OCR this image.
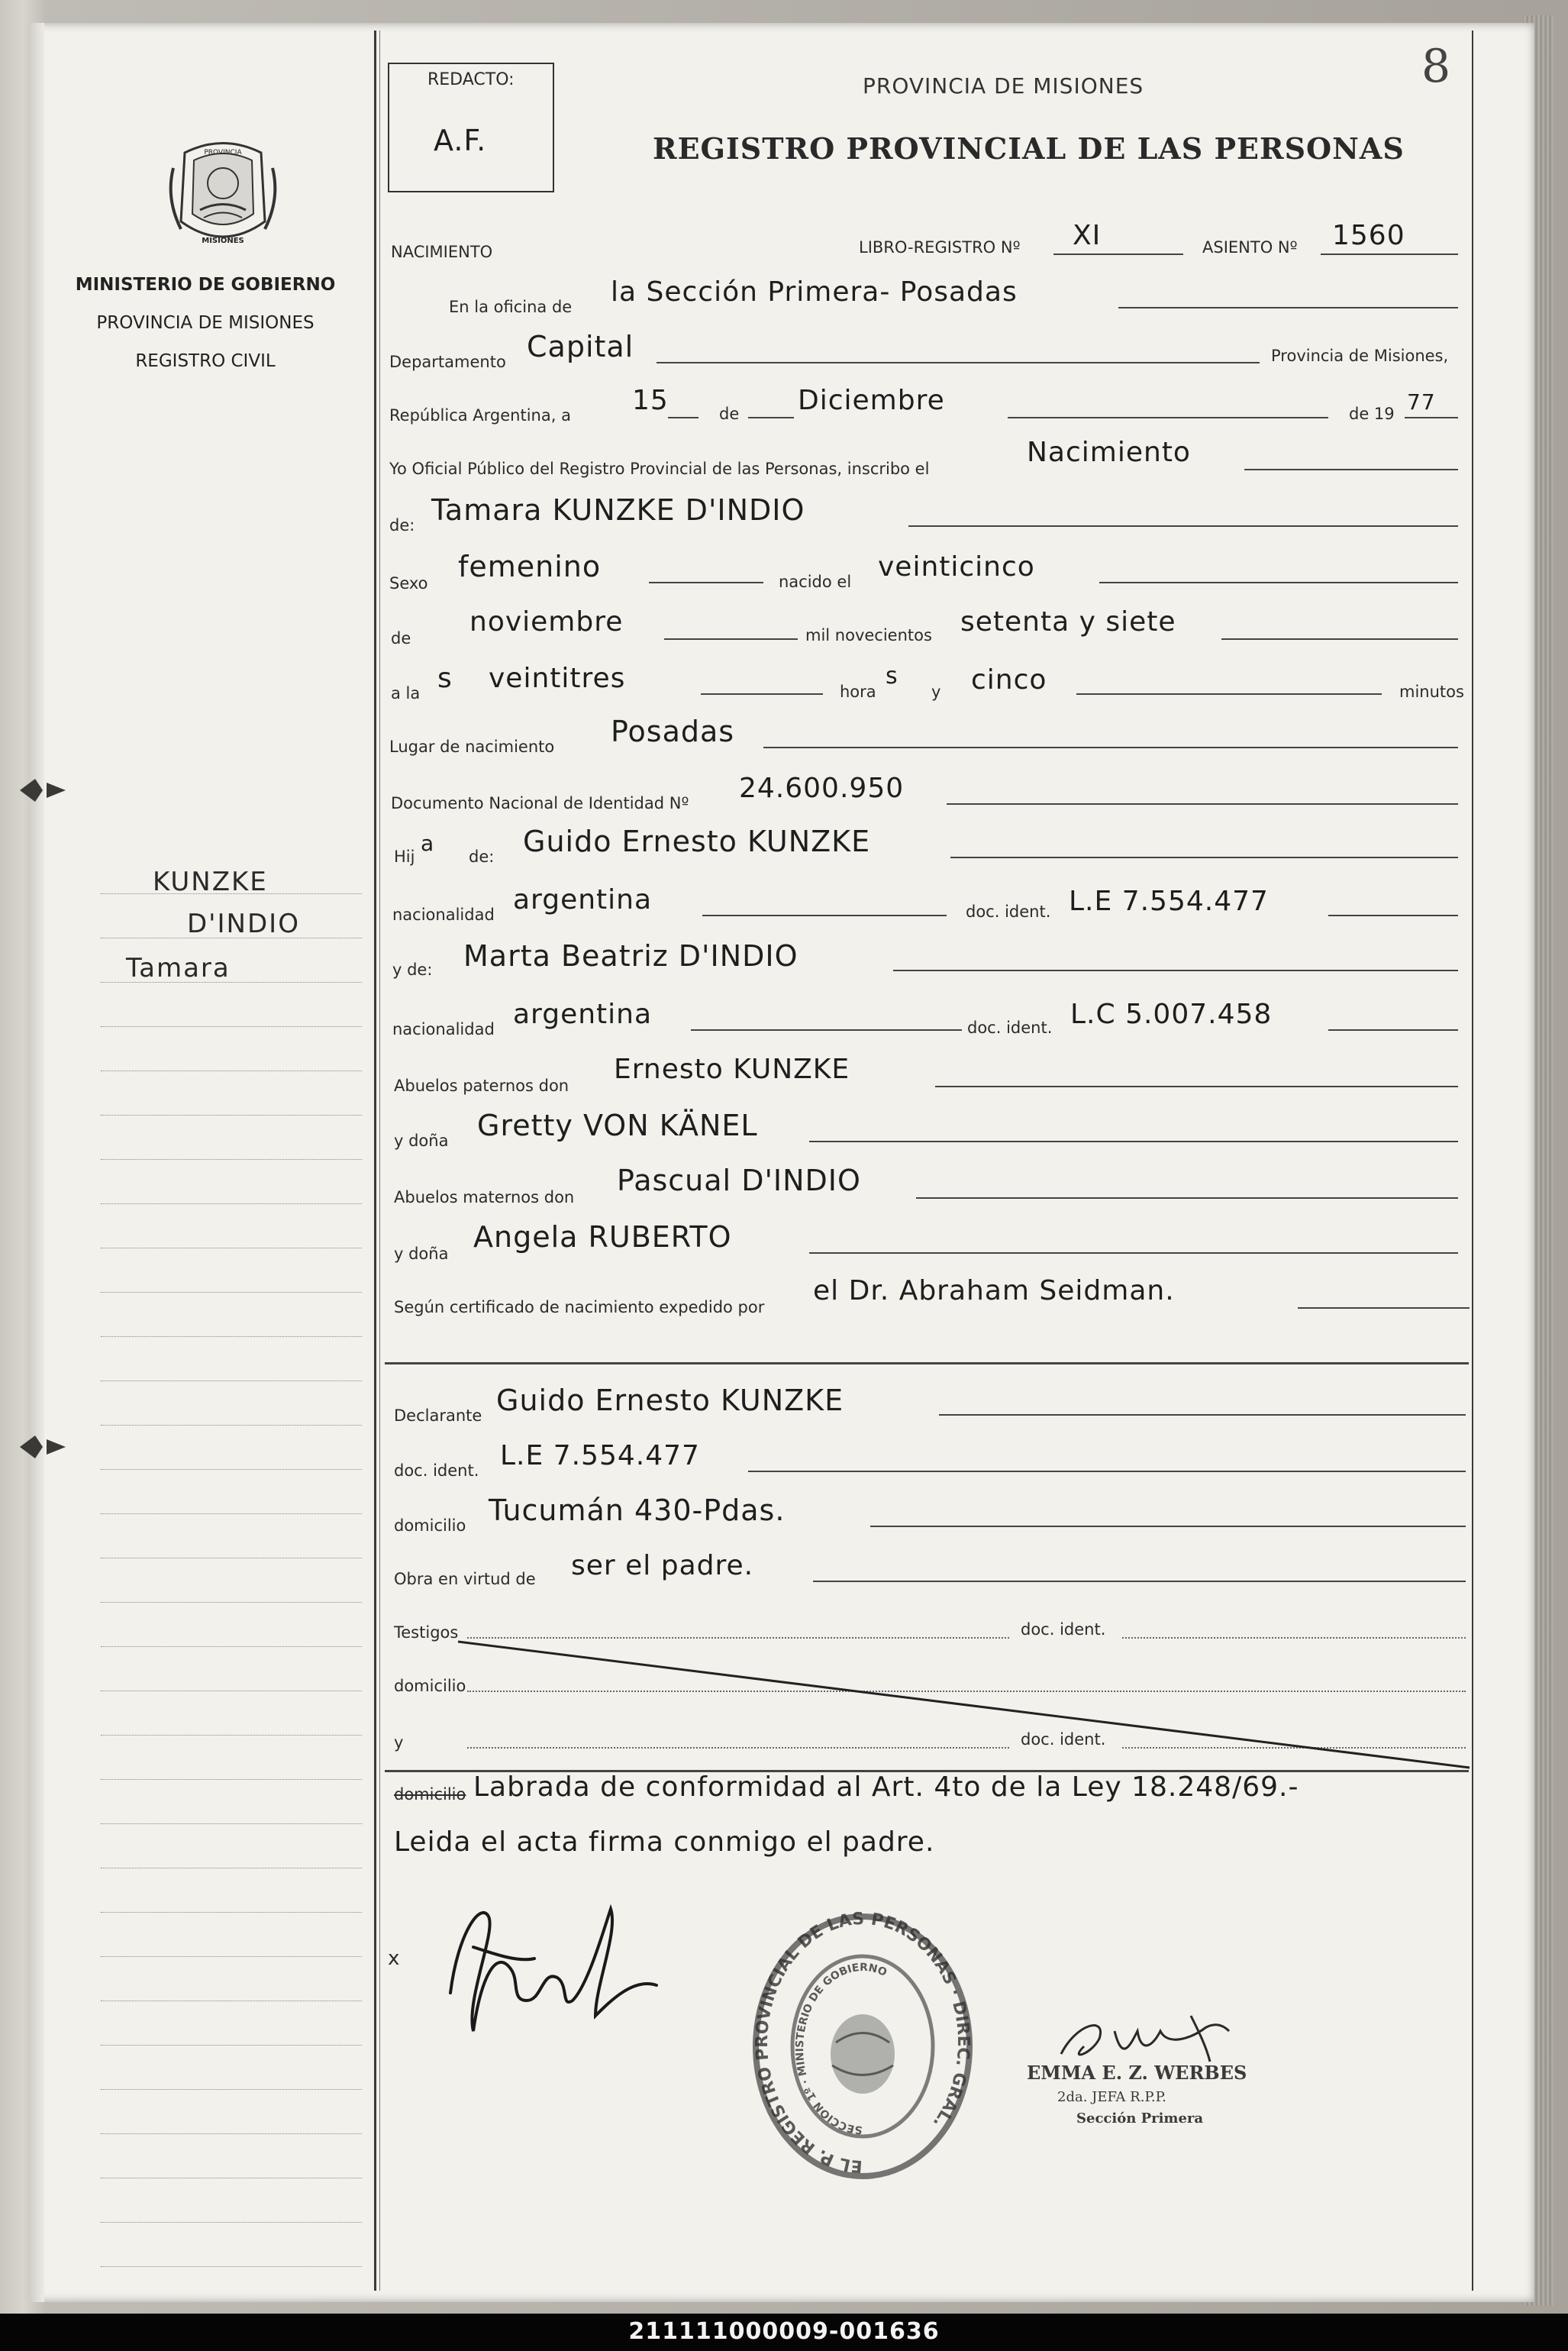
PROVINCIA
MISIONES
MINISTERIO DE GOBIERNO
PROVINCIA DE MISIONES
REGISTRO CIVIL
KUNZKE
D'INDIO
Tamara
REDACTO:
A.F.
PROVINCIA DE MISIONES
REGISTRO PROVINCIAL DE LAS PERSONAS
8
NACIMIENTO	LIBRO-REGISTRO Nº XI	ASIENTO Nº 1560
En la oficina de la Sección Primera- Posadas
Departamento Capital	Provincia de Misiones,
República Argentina, a 15	de Diciembre	de 19 77
Yo Oficial Público del Registro Provincial de las Personas, inscribo el
Nacimiento
de: Tamara KUNZKE D'INDIO
Sexo femenino	nacido el veinticinco
de
noviembre	mil novecientos setenta y siete
a la s veintitres	hora
s
y cinco	minutos
Lugar de nacimiento Posadas
Documento Nacional de Identidad Nº 24.600.950
Hij
a
de: Guido Ernesto KUNZKE
nacionalidad argentina	doc. ident. L.E 7.554.477
y de: Marta Beatriz D'INDIO
nacionalidad argentina	doc. ident. L.C 5.007.458
Abuelos paternos don
Ernesto KUNZKE
y doña Gretty VON KÄNEL
Abuelos maternos don Pascual D'INDIO
y doña Angela RUBERTO
Según certificado de nacimiento expedido por
el Dr. Abraham Seidman.
Declarante Guido Ernesto KUNZKE
doc. ident. L.E 7.554.477
domicilio Tucumán 430-Pdas.
Obra en virtud de ser el padre.
Testigos	doc. ident.
domicilio
y	doc. ident.
domicilio Labrada de conformidad al Art. 4to de la Ley 18.248/69.-
Leida el acta firma conmigo el padre.
x
EL P. REGISTRO PROVINCIAL DE LAS PERSONAS · DIREC. GRAL.
SECCION 1º · MINISTERIO DE GOBIERNO
EMMA E. Z. WERBES
2da. JEFA R.P.P.
Sección Primera
211111000009-001636
